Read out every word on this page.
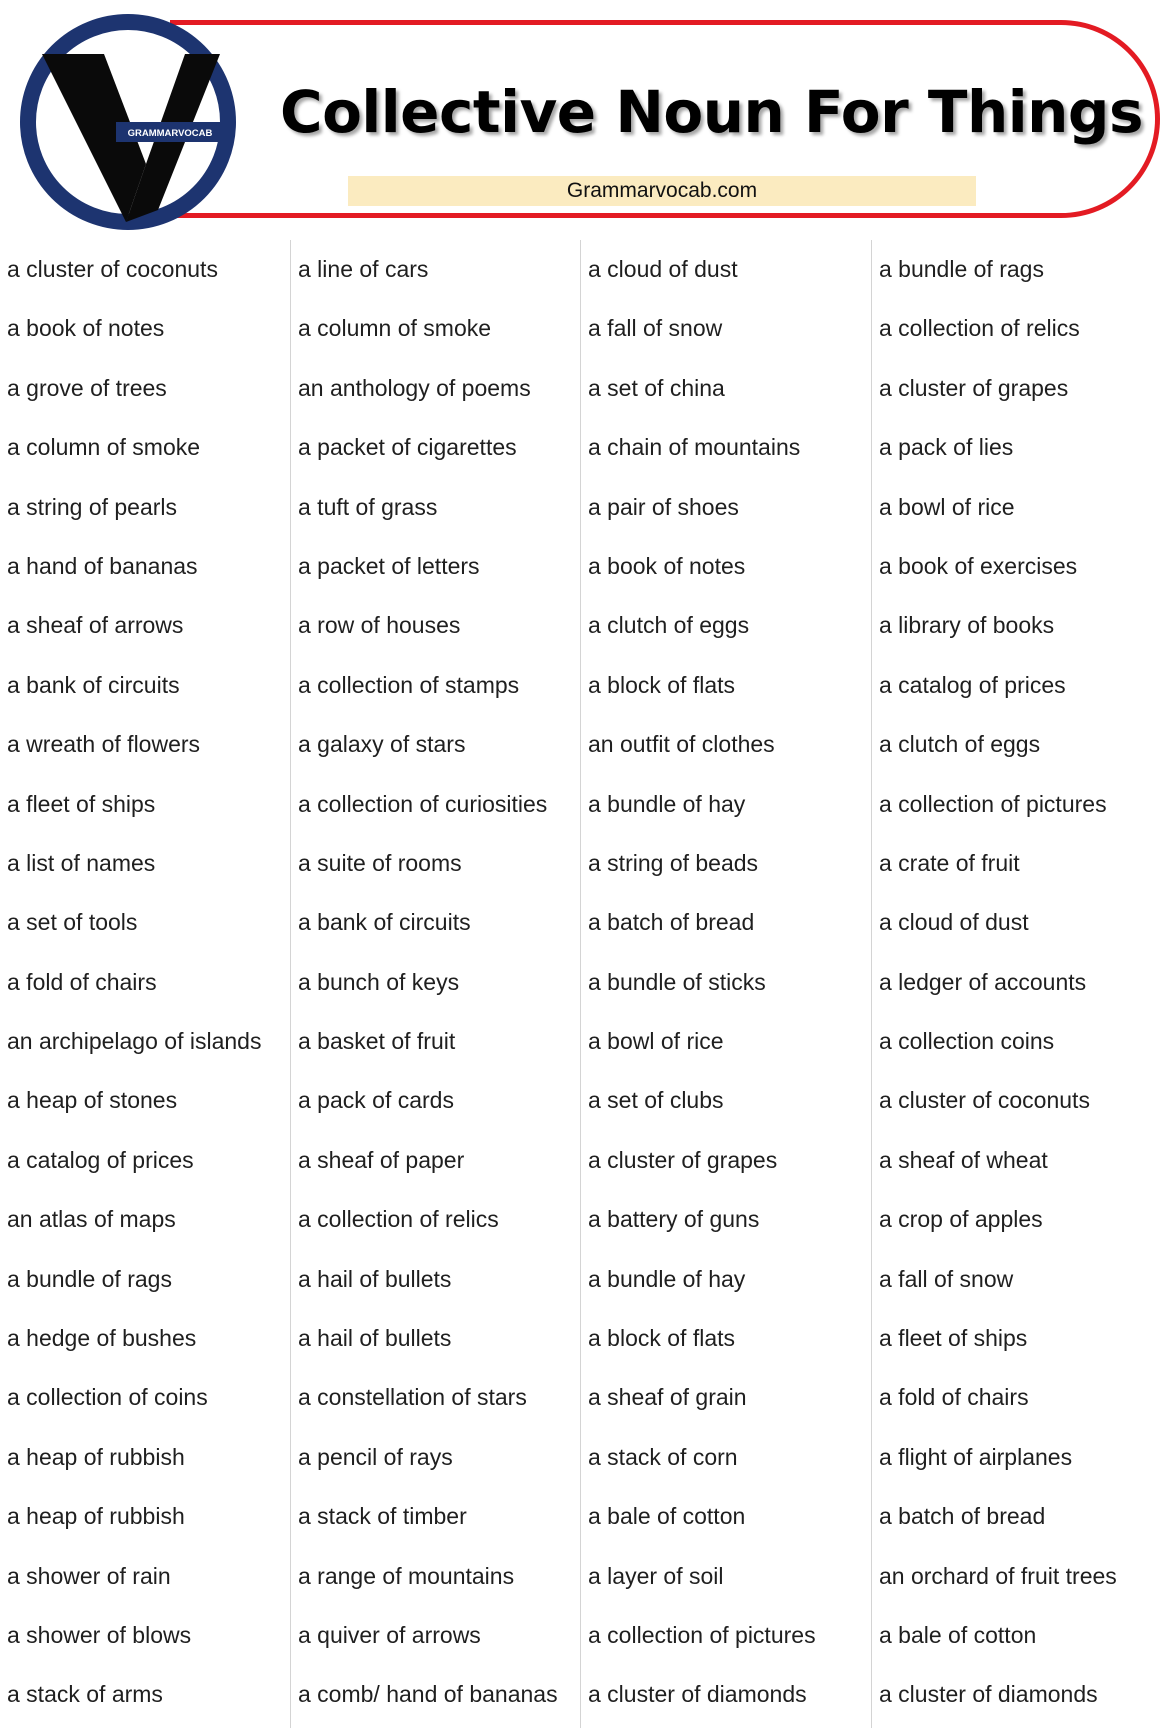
GRAMMARVOCAB Collective Noun For Things
Grammarvocab.com
a cluster of coconuts
a book of notes
a grove of trees
a column of smoke
a string of pearls
a hand of bananas
a sheaf of arrows
a bank of circuits
a wreath of flowers
a fleet of ships
a list of names
a set of tools
a fold of chairs
an archipelago of islands
a heap of stones
a catalog of prices
an atlas of maps
a bundle of rags
a hedge of bushes
a collection of coins
a heap of rubbish
a heap of rubbish
a shower of rain
a shower of blows
a stack of arms
a line of cars
a column of smoke
an anthology of poems
a packet of cigarettes
a tuft of grass
a packet of letters
a row of houses
a collection of stamps
a galaxy of stars
a collection of curiosities
a suite of rooms
a bank of circuits
a bunch of keys
a basket of fruit
a pack of cards
a sheaf of paper
a collection of relics
a hail of bullets
a hail of bullets
a constellation of stars
a pencil of rays
a stack of timber
a range of mountains
a quiver of arrows
a comb/ hand of bananas
a cloud of dust
a fall of snow
a set of china
a chain of mountains
a pair of shoes
a book of notes
a clutch of eggs
a block of flats
an outfit of clothes
a bundle of hay
a string of beads
a batch of bread
a bundle of sticks
a bowl of rice
a set of clubs
a cluster of grapes
a battery of guns
a bundle of hay
a block of flats
a sheaf of grain
a stack of corn
a bale of cotton
a layer of soil
a collection of pictures
a cluster of diamonds
a bundle of rags
a collection of relics
a cluster of grapes
a pack of lies
a bowl of rice
a book of exercises
a library of books
a catalog of prices
a clutch of eggs
a collection of pictures
a crate of fruit
a cloud of dust
a ledger of accounts
a collection coins
a cluster of coconuts
a sheaf of wheat
a crop of apples
a fall of snow
a fleet of ships
a fold of chairs
a flight of airplanes
a batch of bread
an orchard of fruit trees
a bale of cotton
a cluster of diamonds
